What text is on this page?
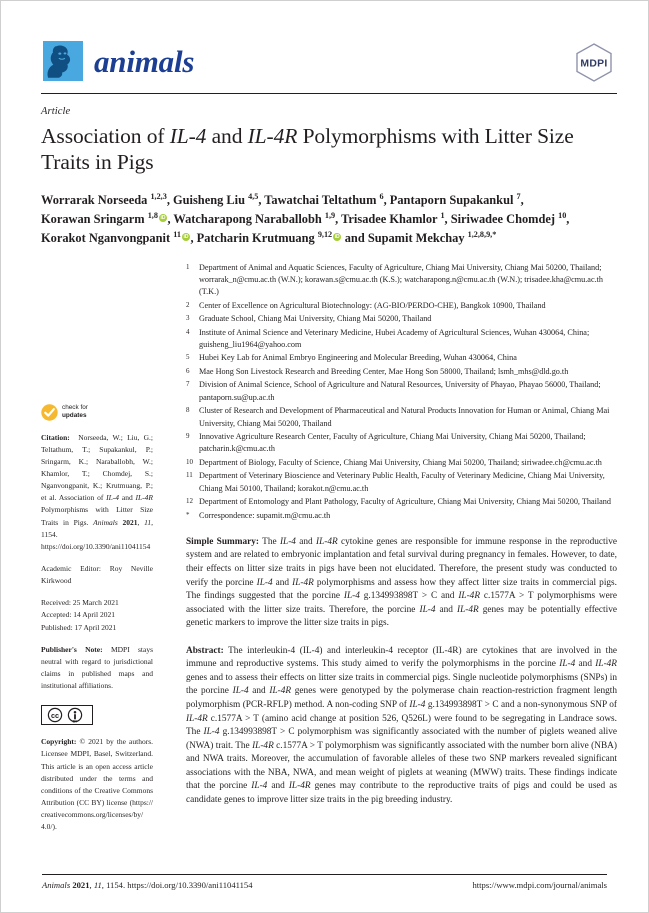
animals	MDPI
Article
Association of IL-4 and IL-4R Polymorphisms with Litter Size Traits in Pigs
Worrarak Norseeda $^{1,2,3}$, Guisheng Liu $^{4,5}$, Tawatchai Teltathum $^6$, Pantaporn Supakankul $^7$,
Korawan Sringarm $^{1,8}$ iD , Watcharapong Naraballobh $^{1,9}$, Trisadee Khamlor $^1$, Siriwadee Chomdej $^{10}$,
Korakot Nganvongpanit $^{11}$ iD , Patcharin Krutmuang $^{9,12}$iD and Supamit Mekchay $^{1,2,8,9,*}$
check for
updates
Citation:  Norseeda, W.; Liu, G.; Teltathum, T.; Supakankul, P.; Sringarm, K.; Naraballobh, W.; Khamlor, T.; Chomdej, S.; Nganvongpanit, K.; Krutmuang, P.; et al. Association of IL-4 and IL-4R Polymorphisms with Litter Size Traits in Pigs. Animals 2021, 11, 1154. https://doi.org/10.3390/ani11041154
Academic Editor: Roy Neville Kirkwood
Received: 25 March 2021
Accepted: 14 April 2021
Published: 17 April 2021
Publisher's Note: MDPI stays neutral with regard to jurisdictional claims in published maps and institutional affiliations.
cc
BY
Copyright: © 2021 by the authors. Licensee MDPI, Basel, Switzerland. This article is an open access article distributed under the terms and conditions of the Creative Commons Attribution (CC BY) license (https:// creativecommons.org/licenses/by/ 4.0/).
1	Department of Animal and Aquatic Sciences, Faculty of Agriculture, Chiang Mai University, Chiang Mai 50200, Thailand; worrarak_n@cmu.ac.th (W.N.); korawan.s@cmu.ac.th (K.S.); watcharapong.n@cmu.ac.th (W.N.); trisadee.kha@cmu.ac.th (T.K.)
2	Center of Excellence on Agricultural Biotechnology: (AG-BIO/PERDO-CHE), Bangkok 10900, Thailand
3	Graduate School, Chiang Mai University, Chiang Mai 50200, Thailand
4	Institute of Animal Science and Veterinary Medicine, Hubei Academy of Agricultural Sciences, Wuhan 430064, China; guisheng_liu1964@yahoo.com
5	Hubei Key Lab for Animal Embryo Engineering and Molecular Breeding, Wuhan 430064, China
6	Mae Hong Son Livestock Research and Breeding Center, Mae Hong Son 58000, Thailand; lsmh_mhs@dld.go.th
7	Division of Animal Science, School of Agriculture and Natural Resources, University of Phayao, Phayao 56000, Thailand; pantaporn.su@up.ac.th
8	Cluster of Research and Development of Pharmaceutical and Natural Products Innovation for Human or Animal, Chiang Mai University, Chiang Mai 50200, Thailand
9	Innovative Agriculture Research Center, Faculty of Agriculture, Chiang Mai University, Chiang Mai 50200, Thailand; patcharin.k@cmu.ac.th
10 Department of Biology, Faculty of Science, Chiang Mai University, Chiang Mai 50200, Thailand; siriwadee.ch@cmu.ac.th
11 Department of Veterinary Bioscience and Veterinary Public Health, Faculty of Veterinary Medicine, Chiang Mai University, Chiang Mai 50100, Thailand; korakot.n@cmu.ac.th
12 Department of Entomology and Plant Pathology, Faculty of Agriculture, Chiang Mai University, Chiang Mai 50200, Thailand
*	Correspondence: supamit.m@cmu.ac.th
Simple Summary: The IL-4 and IL-4R cytokine genes are responsible for immune response in the reproductive system and are related to embryonic implantation and fetal survival during pregnancy in females. However, to date, their effects on litter size traits in pigs have been not elucidated. Therefore, the present study was conducted to verify the porcine IL-4 and IL-4R polymorphisms and assess how they affect litter size traits in commercial pigs. The findings suggested that the porcine IL-4 g.134993898T > C and IL-4R c.1577A > T polymorphisms were associated with the litter size traits. Therefore, the porcine IL-4 and IL-4R genes may be potentially effective genetic markers to improve the litter size traits in pigs.
Abstract: The interleukin-4 (IL-4) and interleukin-4 receptor (IL-4R) are cytokines that are involved in the immune and reproductive systems. This study aimed to verify the polymorphisms in the porcine IL-4 and IL-4R genes and to assess their effects on litter size traits in commercial pigs. Single nucleotide polymorphisms (SNPs) in the porcine IL-4 and IL-4R genes were genotyped by the polymerase chain reaction-restriction fragment length polymorphism (PCR-RFLP) method. A non-coding SNP of IL-4 g.134993898T > C and a non-synonymous SNP of IL-4R c.1577A > T (amino acid change at position 526, Q526L) were found to be segregating in Landrace sows. The IL-4 g.134993898T > C polymorphism was significantly associated with the number of piglets weaned alive (NWA) trait. The IL-4R c.1577A > T polymorphism was significantly associated with the number born alive (NBA) and NWA traits. Moreover, the accumulation of favorable alleles of these two SNP markers revealed significant associations with the NBA, NWA, and mean weight of piglets at weaning (MWW) traits. These findings indicate that the porcine IL-4 and IL-4R genes may contribute to the reproductive traits of pigs and could be used as candidate genes to improve litter size traits in the pig breeding industry.
Animals 2021, 11, 1154. https://doi.org/10.3390/ani11041154	https://www.mdpi.com/journal/animals
